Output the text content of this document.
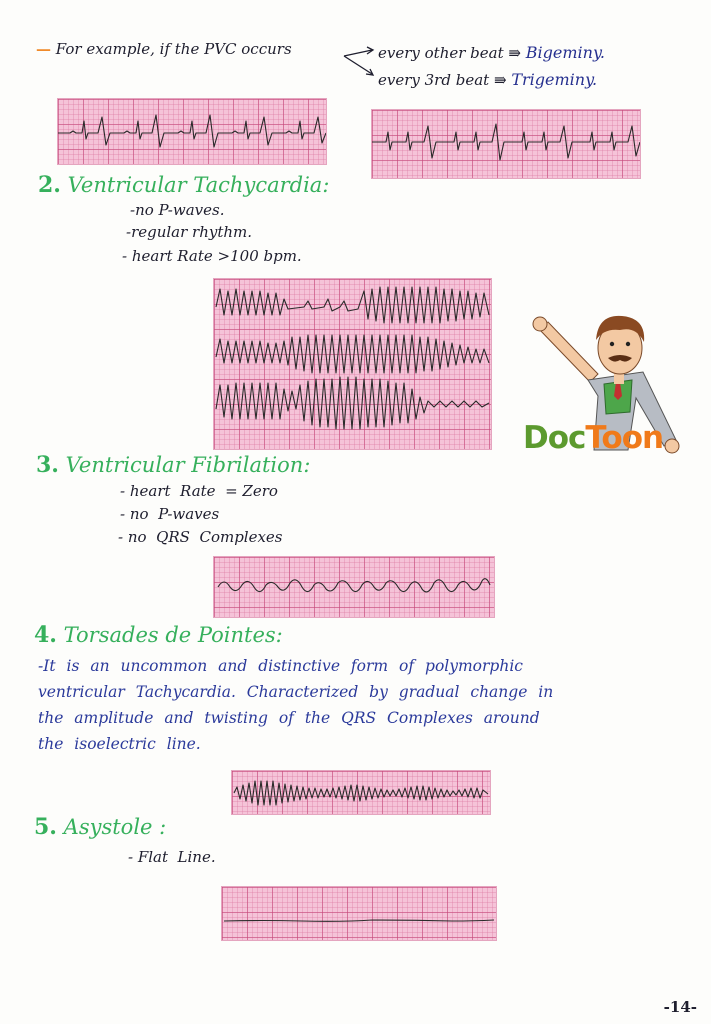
— For example, if the PVC occurs	every other beat ⇛ Bigeminy.
every 3rd beat ⇛ Trigeminy.
2. Ventricular Tachycardia:
-no P-waves.
-regular rhythm.
- heart Rate >100 bpm.
DocToon
3. Ventricular Fibrilation:
- heart  Rate  = Zero
- no  P-waves
- no  QRS  Complexes
4. Torsades de Pointes:
-It is an uncommon and distinctive form of polymorphic
ventricular Tachycardia. Characterized by gradual change in
the amplitude and twisting of the QRS Complexes around
the isoelectric line.
5. Asystole :
- Flat  Line.
-14-
